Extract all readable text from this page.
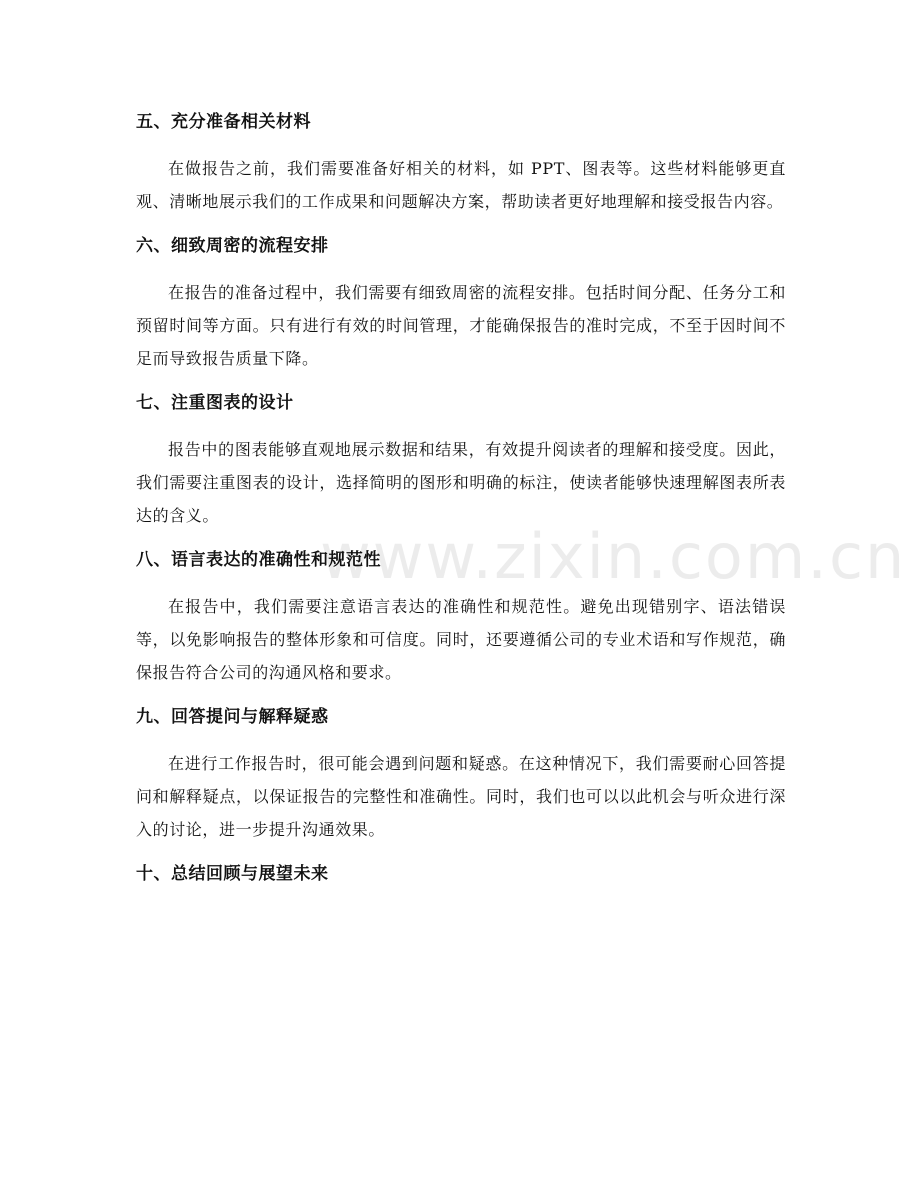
www.zixin.com.cn
五、充分准备相关材料

在做报告之前，我们需要准备好相关的材料，如 PPT、图表等。这些材料能够更直观、清晰地展示我们的工作成果和问题解决方案，帮助读者更好地理解和接受报告内容。

六、细致周密的流程安排

在报告的准备过程中，我们需要有细致周密的流程安排。包括时间分配、任务分工和预留时间等方面。只有进行有效的时间管理，才能确保报告的准时完成，不至于因时间不足而导致报告质量下降。

七、注重图表的设计

报告中的图表能够直观地展示数据和结果，有效提升阅读者的理解和接受度。因此，我们需要注重图表的设计，选择简明的图形和明确的标注，使读者能够快速理解图表所表达的含义。

八、语言表达的准确性和规范性

在报告中，我们需要注意语言表达的准确性和规范性。避免出现错别字、语法错误等，以免影响报告的整体形象和可信度。同时，还要遵循公司的专业术语和写作规范，确保报告符合公司的沟通风格和要求。

九、回答提问与解释疑惑

在进行工作报告时，很可能会遇到问题和疑惑。在这种情况下，我们需要耐心回答提问和解释疑点，以保证报告的完整性和准确性。同时，我们也可以以此机会与听众进行深入的讨论，进一步提升沟通效果。

十、总结回顾与展望未来
